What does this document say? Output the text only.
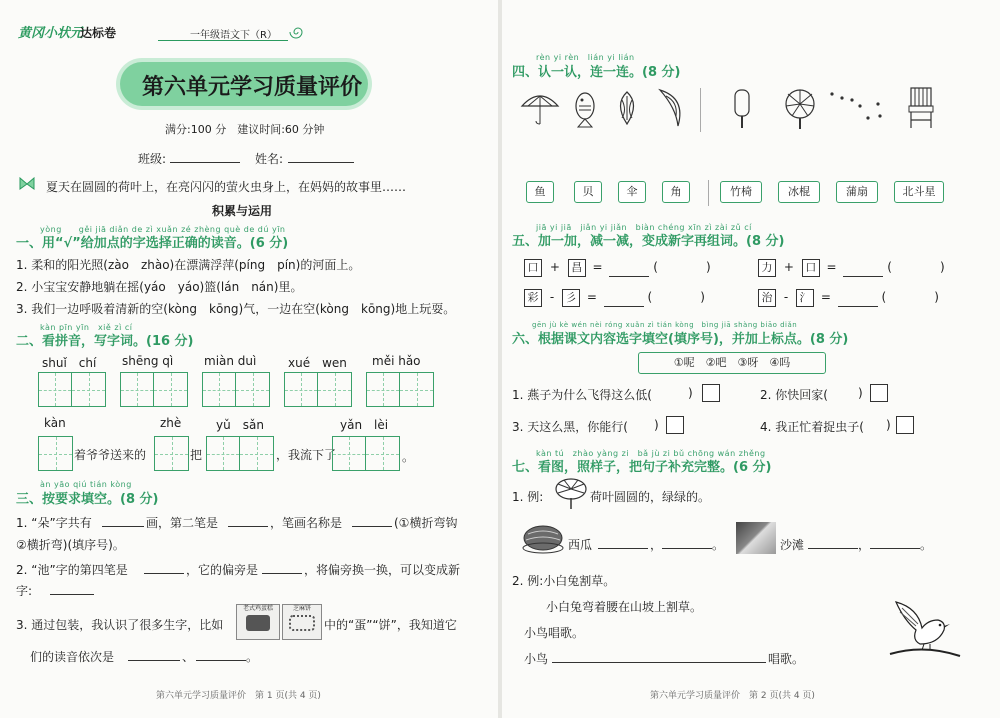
黄冈小状元
达标卷	一年级语文下（R）
第六单元学习质量评价
满分:100 分　建议时间:60 分钟
班级:	姓名:
夏天在圆圆的荷叶上，在亮闪闪的萤火虫身上，在妈妈的故事里……
积累与运用
yòng　　gěi jiā diǎn de zì xuǎn zé zhèng què de dú yīn
一、用“√”给加点的字选择正确的读音。(6 分)
1. 柔和的阳光照(zào　zhào)在漂满浮萍(píng　pín)的河面上。
2. 小宝宝安静地躺在摇(yáo　yáo)篮(lán　nán)里。
3. 我们一边呼吸着清新的空(kòng　kōng)气，一边在空(kòng　kōng)地上玩耍。
kàn pīn yīn　xiě zì cí
二、看拼音，写字词。(16 分)
shuǐ　chí shēng qì	miàn duì	xué　wen měi hǎo
kàn	zhè	yǔ　sǎn	yǎn　lèi
着爷爷送来的	把	，我流下了	。
àn yāo qiú tián kòng
三、按要求填空。(8 分)
1. “朵”字共有	画，第二笔是	，笔画名称是	(①横折弯钩
②横折弯)(填序号)。
2. “池”字的第四笔是	，它的偏旁是	，将偏旁换一换，可以变成新
字:
3. 通过包装，我认识了很多生字，比如
老式鸡蛋糕	芝麻饼
中的“蛋”“饼”，我知道它
们的读音依次是	、	。
第六单元学习质量评价　第 1 页(共 4 页)
rèn yi rèn　lián yi lián
四、认一认，连一连。(8 分)
鱼	贝	伞	角	竹椅	冰棍	蒲扇	北斗星
jiā yi jiā　jiǎn yi jiǎn　biàn chéng xīn zì zài zǔ cí
五、加一加，减一减，变成新字再组词。(8 分)
口 + 昌 =	(　　　　)	力 + 口 =	(　　　　)
彩 - 彡 =	(　　　　)	治 - 氵 =	(　　　　)
gēn jù kè wén nèi róng xuǎn zì tián kòng　bìng jiā shàng biāo diǎn
六、根据课文内容选字填空(填序号)，并加上标点。(8 分)
①呢　②吧　③呀　④吗
1. 燕子为什么飞得这么低(	)	2. 你快回家(	)
3. 天这么黑，你能行( )	4. 我正忙着捉虫子( )
kàn tú　zhào yàng zi　bǎ jù zi bǔ chōng wán zhěng
七、看图，照样子，把句子补充完整。(6 分)
1. 例:	荷叶圆圆的，绿绿的。
西瓜	，	。	沙滩	，	。
2. 例:小白兔割草。
小白兔弯着腰在山坡上割草。
小鸟唱歌。
小鸟	唱歌。
第六单元学习质量评价　第 2 页(共 4 页)
